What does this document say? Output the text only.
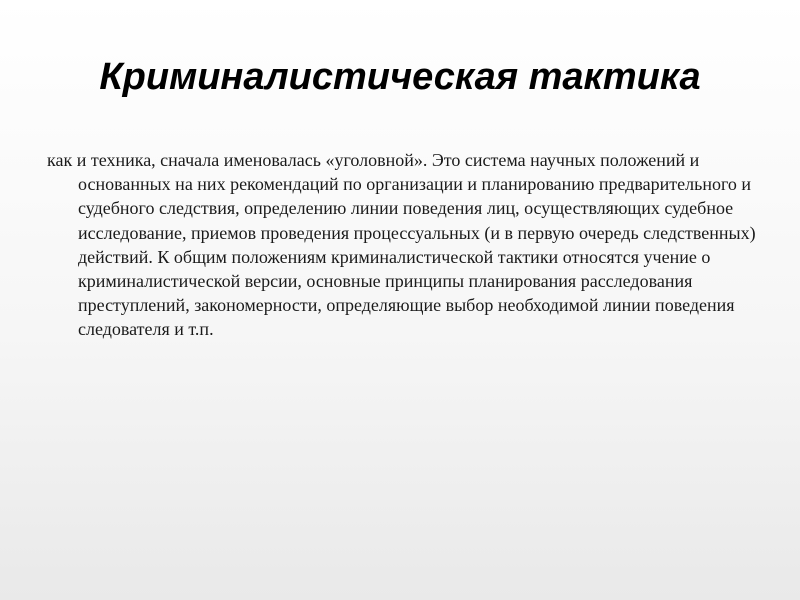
Криминалистическая тактика

как и техника, сначала именовалась «уголовной». Это система научных положений и основанных на них рекомендаций по организации и планированию предварительного и судебного следствия, определению линии поведения лиц, осуществляющих судебное исследование, приемов проведения процессуальных (и в первую очередь следственных) действий. К общим положениям криминалистической тактики относятся учение о криминалистической версии, основные принципы планирования расследования преступлений, закономерности, определяющие выбор необходимой линии поведения следователя и т.п.
